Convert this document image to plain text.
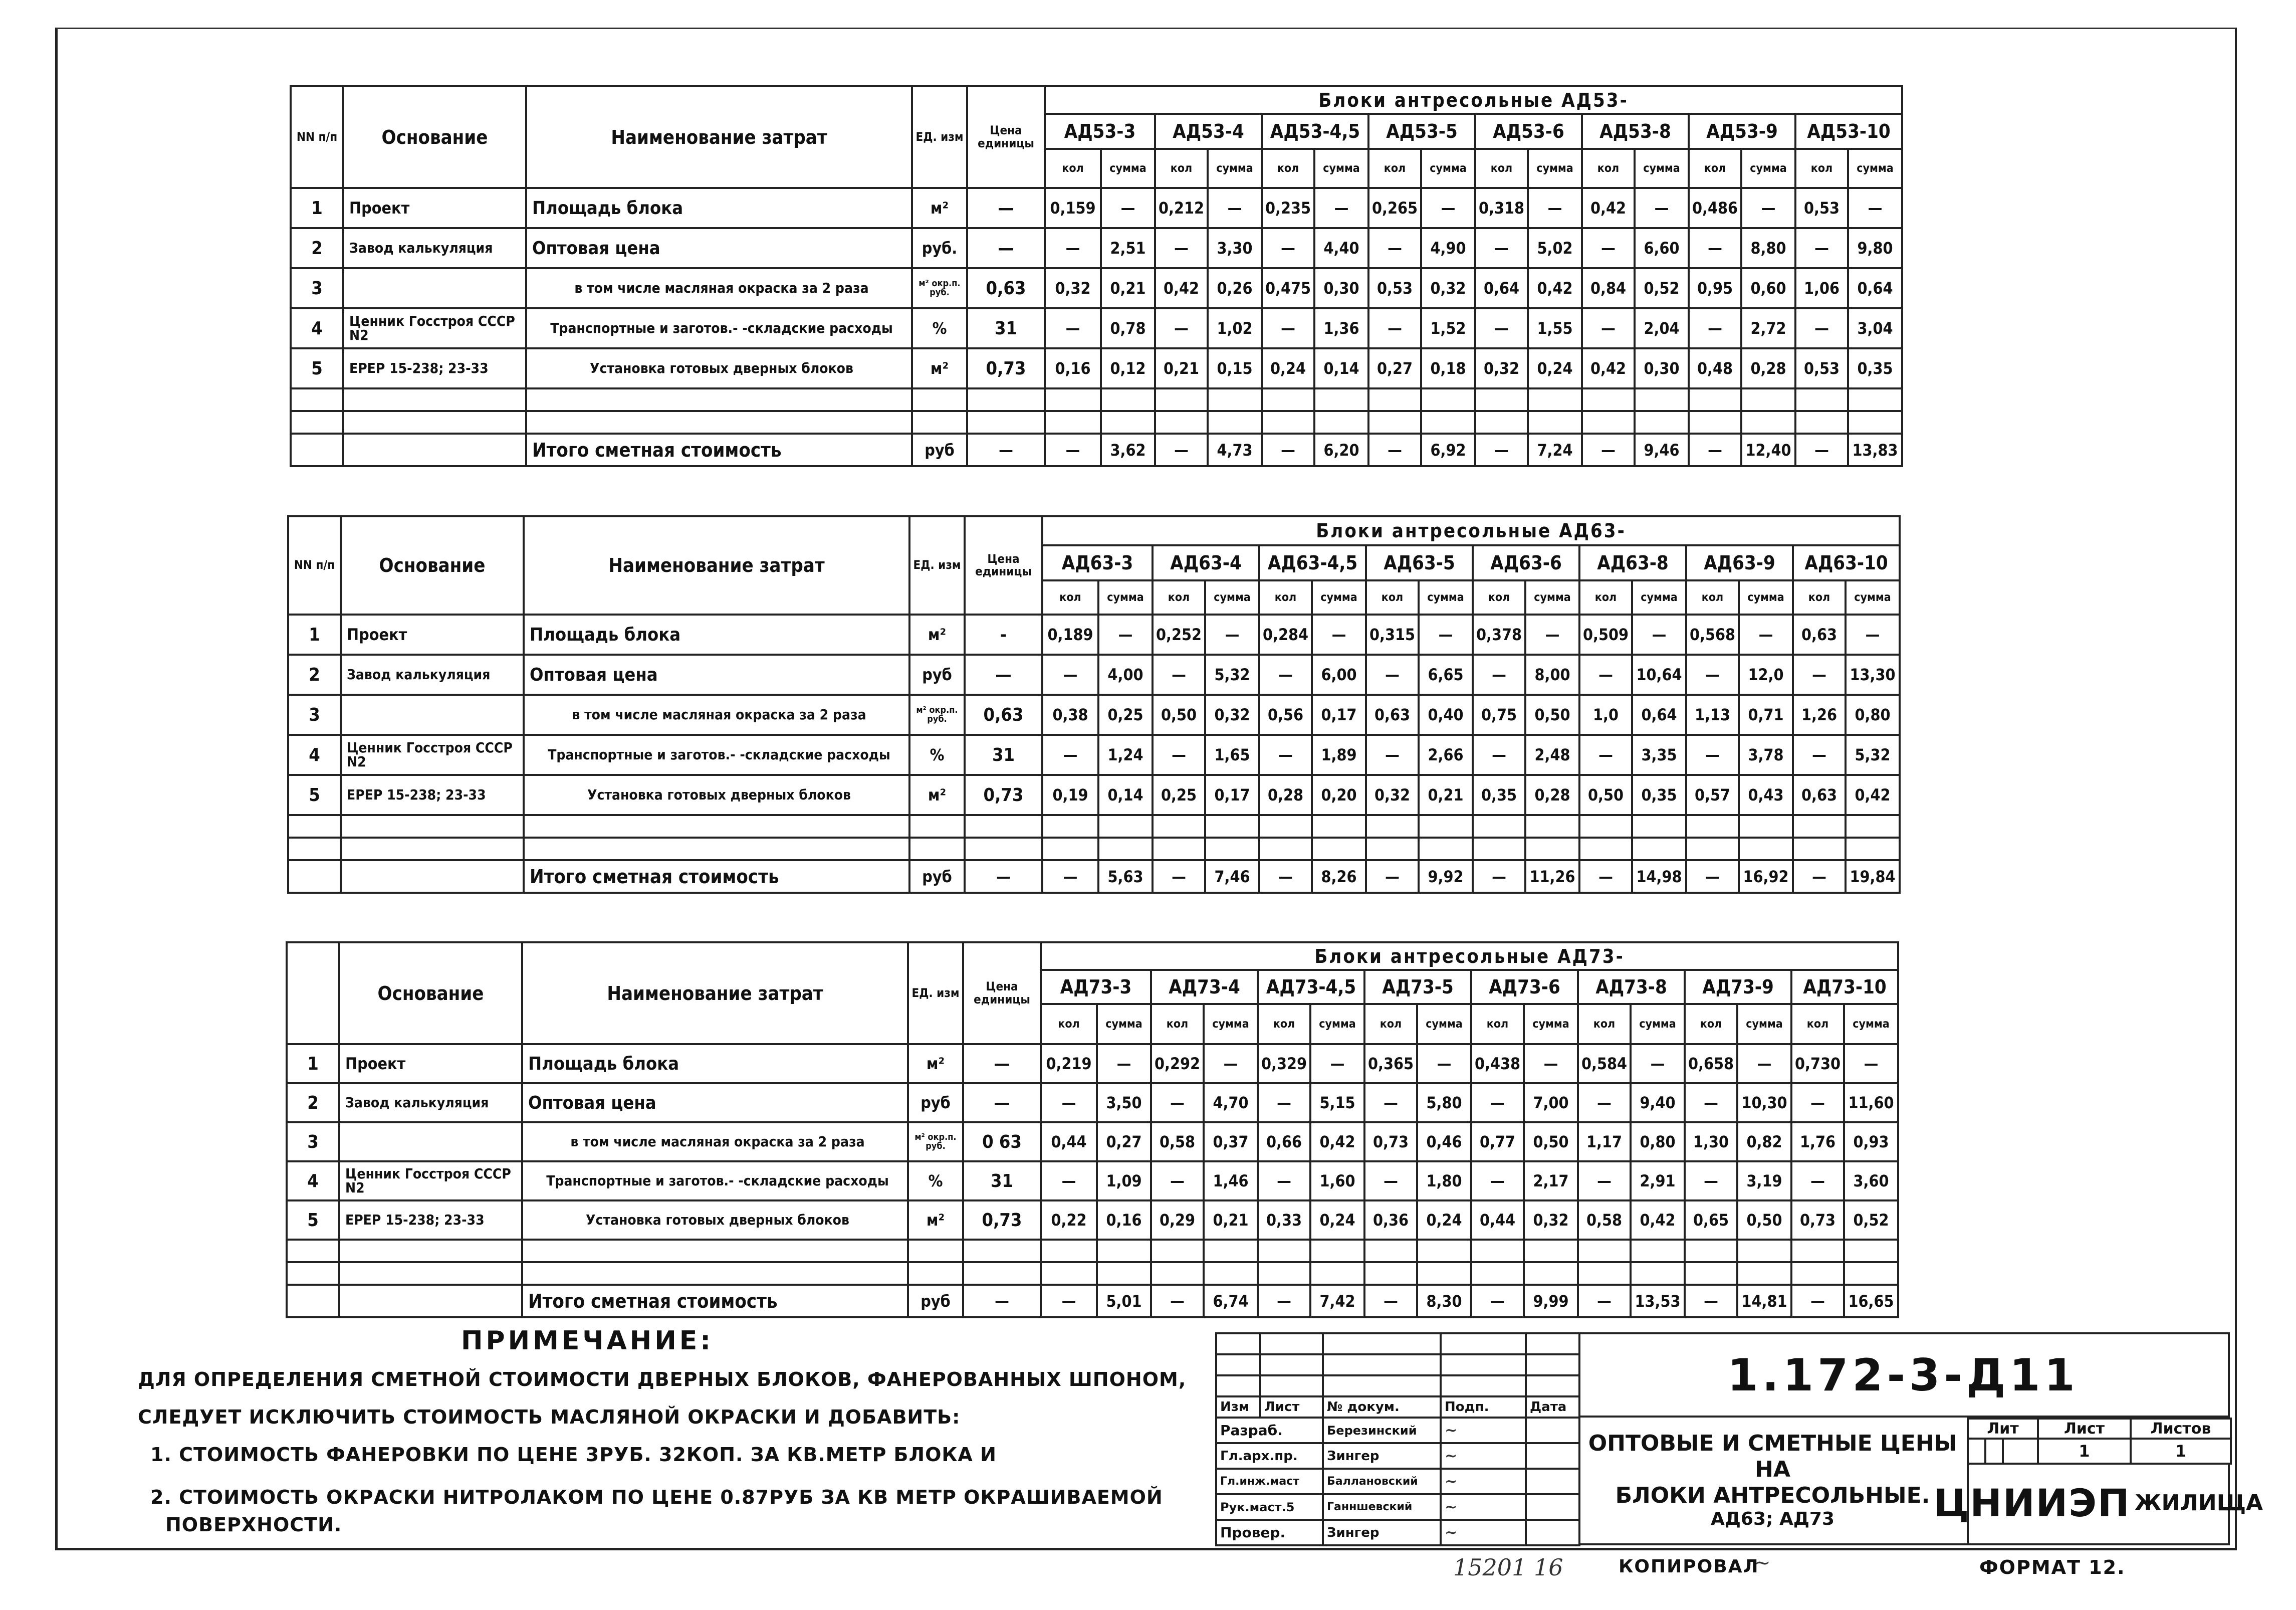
NN п/п	Основание	Наименование затрат	ЕД. изм	Цена единицы	Блоки антресольные АД53-															
					АД53-3		АД53-4		АД53-4,5		АД53-5		АД53-6		АД53-8		АД53-9		АД53-10	
					кол	сумма	кол	сумма	кол	сумма	кол	сумма	кол	сумма	кол	сумма	кол	сумма	кол	сумма
1	Проект	Площадь блока	м²	—	0,159	—	0,212	—	0,235	—	0,265	—	0,318	—	0,42	—	0,486	—	0,53	—
2	Завод калькуляция	Оптовая цена	руб.	—	—	2,51	—	3,30	—	4,40	—	4,90	—	5,02	—	6,60	—	8,80	—	9,80
3		в том числе масляная окраска за 2 раза	м² окр.п. руб.	0,63	0,32	0,21	0,42	0,26	0,475	0,30	0,53	0,32	0,64	0,42	0,84	0,52	0,95	0,60	1,06	0,64
4	Ценник Госстроя СССР N2	Транспортные и заготов.- -складские расходы	%	31	—	0,78	—	1,02	—	1,36	—	1,52	—	1,55	—	2,04	—	2,72	—	3,04
5	ЕРЕР 15-238; 23-33	Установка готовых дверных блоков	м²	0,73	0,16	0,12	0,21	0,15	0,24	0,14	0,27	0,18	0,32	0,24	0,42	0,30	0,48	0,28	0,53	0,35

		Итого сметная стоимость	руб	—	—	3,62	—	4,73	—	6,20	—	6,92	—	7,24	—	9,46	—	12,40	—	13,83
NN п/п	Основание	Наименование затрат	ЕД. изм	Цена единицы	Блоки антресольные АД63-															
					АД63-3		АД63-4		АД63-4,5		АД63-5		АД63-6		АД63-8		АД63-9		АД63-10	
					кол	сумма	кол	сумма	кол	сумма	кол	сумма	кол	сумма	кол	сумма	кол	сумма	кол	сумма
1	Проект	Площадь блока	м²	-	0,189	—	0,252	—	0,284	—	0,315	—	0,378	—	0,509	—	0,568	—	0,63	—
2	Завод калькуляция	Оптовая цена	руб	—	—	4,00	—	5,32	—	6,00	—	6,65	—	8,00	—	10,64	—	12,0	—	13,30
3		в том числе масляная окраска за 2 раза	м² окр.п. руб.	0,63	0,38	0,25	0,50	0,32	0,56	0,17	0,63	0,40	0,75	0,50	1,0	0,64	1,13	0,71	1,26	0,80
4	Ценник Госстроя СССР N2	Транспортные и заготов.- -складские расходы	%	31	—	1,24	—	1,65	—	1,89	—	2,66	—	2,48	—	3,35	—	3,78	—	5,32
5	ЕРЕР 15-238; 23-33	Установка готовых дверных блоков	м²	0,73	0,19	0,14	0,25	0,17	0,28	0,20	0,32	0,21	0,35	0,28	0,50	0,35	0,57	0,43	0,63	0,42

		Итого сметная стоимость	руб	—	—	5,63	—	7,46	—	8,26	—	9,92	—	11,26	—	14,98	—	16,92	—	19,84
	Основание	Наименование затрат	ЕД. изм	Цена единицы	Блоки антресольные АД73-															
					АД73-3		АД73-4		АД73-4,5		АД73-5		АД73-6		АД73-8		АД73-9		АД73-10	
					кол	сумма	кол	сумма	кол	сумма	кол	сумма	кол	сумма	кол	сумма	кол	сумма	кол	сумма
1	Проект	Площадь блока	м²	—	0,219	—	0,292	—	0,329	—	0,365	—	0,438	—	0,584	—	0,658	—	0,730	—
2	Завод калькуляция	Оптовая цена	руб	—	—	3,50	—	4,70	—	5,15	—	5,80	—	7,00	—	9,40	—	10,30	—	11,60
3		в том числе масляная окраска за 2 раза	м² окр.п. руб.	0 63	0,44	0,27	0,58	0,37	0,66	0,42	0,73	0,46	0,77	0,50	1,17	0,80	1,30	0,82	1,76	0,93
4	Ценник Госстроя СССР N2	Транспортные и заготов.- -складские расходы	%	31	—	1,09	—	1,46	—	1,60	—	1,80	—	2,17	—	2,91	—	3,19	—	3,60
5	ЕРЕР 15-238; 23-33	Установка готовых дверных блоков	м²	0,73	0,22	0,16	0,29	0,21	0,33	0,24	0,36	0,24	0,44	0,32	0,58	0,42	0,65	0,50	0,73	0,52

		Итого сметная стоимость	руб	—	—	5,01	—	6,74	—	7,42	—	8,30	—	9,99	—	13,53	—	14,81	—	16,65
ПРИМЕЧАНИЕ:
ДЛЯ ОПРЕДЕЛЕНИЯ СМЕТНОЙ СТОИМОСТИ ДВЕРНЫХ БЛОКОВ, ФАНЕРОВАННЫХ ШПОНОМ,
СЛЕДУЕТ ИСКЛЮЧИТЬ СТОИМОСТЬ МАСЛЯНОЙ ОКРАСКИ И ДОБАВИТЬ:
1. СТОИМОСТЬ ФАНЕРОВКИ ПО ЦЕНЕ 3РУБ. 32КОП. ЗА КВ.МЕТР БЛОКА И
2. СТОИМОСТЬ ОКРАСКИ НИТРОЛАКОМ ПО ЦЕНЕ 0.87РУБ ЗА КВ МЕТР ОКРАШИВАЕМОЙ
ПОВЕРХНОСТИ.

Изм	Лист	№ докум.	Подп.	Дата
Разраб.		Березинский	~	
Гл.арх.пр.		Зингер	~	
Гл.инж.маст		Баллановский	~	
Рук.маст.5		Ганншевский	~	
Провер.		Зингер	~	
1.172-3-Д11
ОПТОВЫЕ И СМЕТНЫЕ ЦЕНЫ
НА
БЛОКИ АНТРЕСОЛЬНЫЕ.
АД63; АД73
Лит			Лист	Листов
			1	1
ЦНИИЭП ЖИЛИЩА
15201 16	КОПИРОВАЛ
~	ФОРМАТ 12.
